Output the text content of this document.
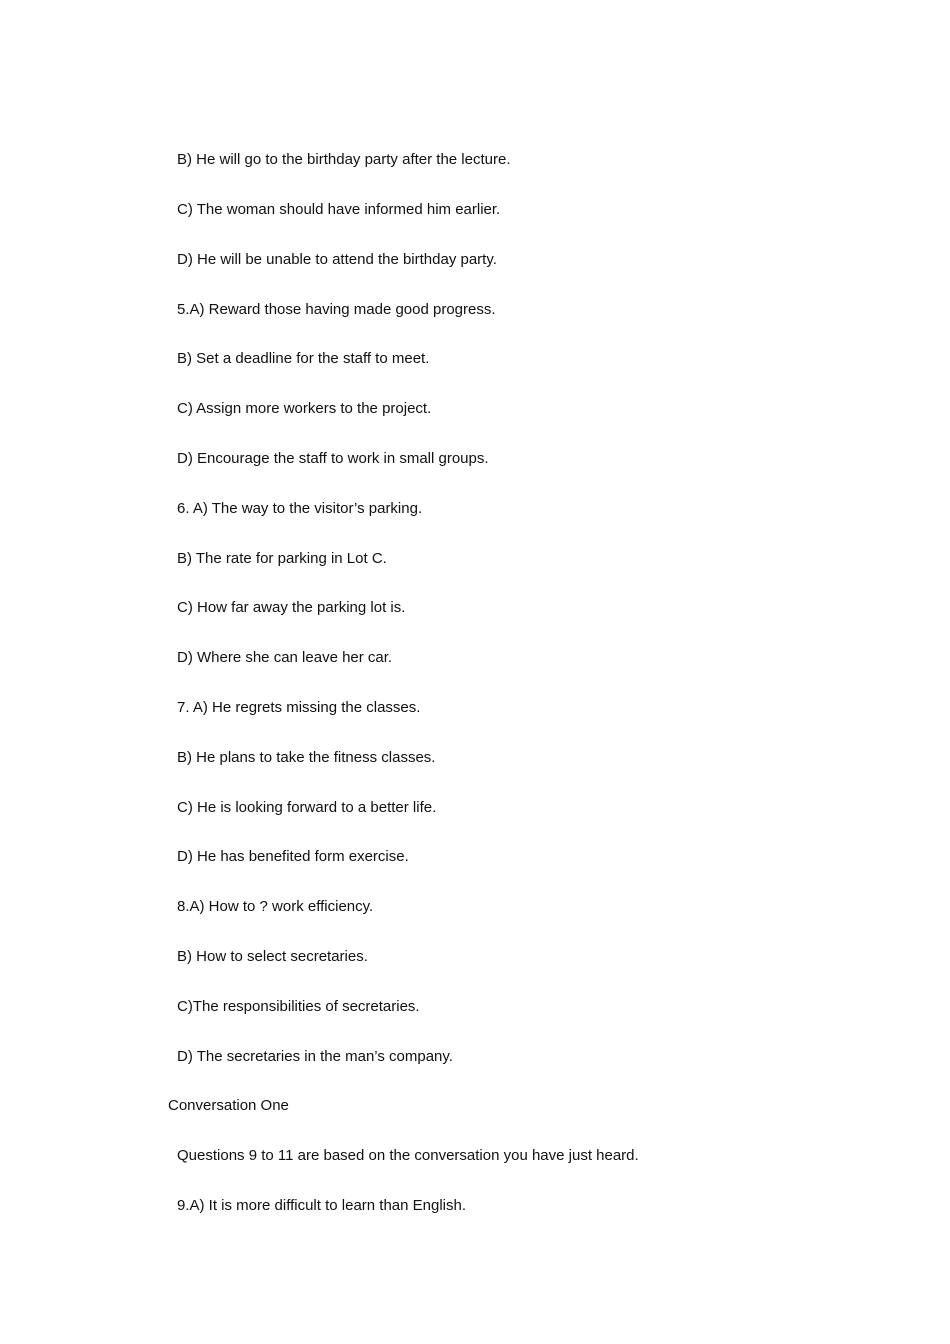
B) He will go to the birthday party after the lecture.
C) The woman should have informed him earlier.
D) He will be unable to attend the birthday party.
5.A) Reward those having made good progress.
B) Set a deadline for the staff to meet.
C) Assign more workers to the project.
D) Encourage the staff to work in small groups.
6. A) The way to the visitor’s parking.
B) The rate for parking in Lot C.
C) How far away the parking lot is.
D) Where she can leave her car.
7. A) He regrets missing the classes.
B) He plans to take the fitness classes.
C) He is looking forward to a better life.
D) He has benefited form exercise.
8.A) How to ? work efficiency.
B) How to select secretaries.
C)The responsibilities of secretaries.
D) The secretaries in the man’s company.
Conversation One
Questions 9 to 11 are based on the conversation you have just heard.
9.A) It is more difficult to learn than English.
